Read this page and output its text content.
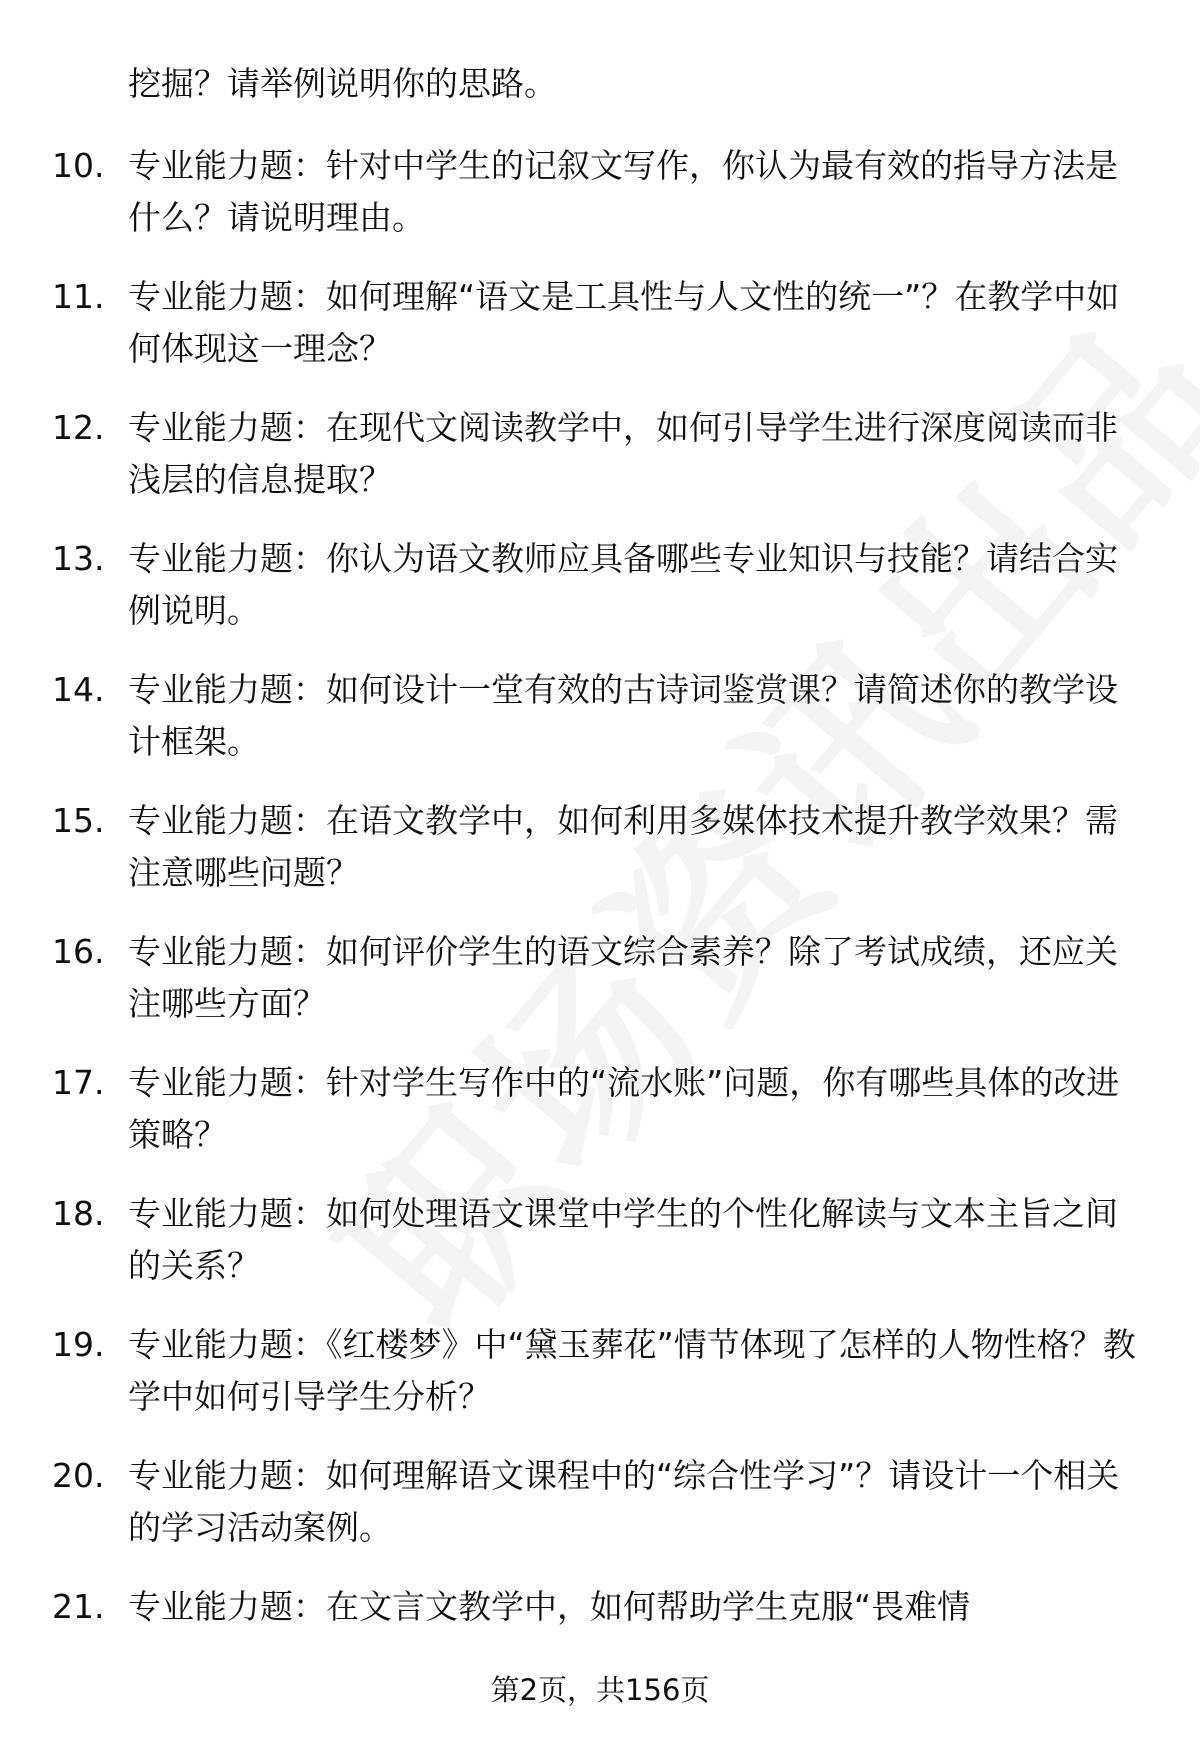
挖掘？请举例说明你的思路。

10. 专业能力题：针对中学生的记叙文写作，你认为最有效的指导方法是什么？请说明理由。

11. 专业能力题：如何理解“语文是工具性与人文性的统一”？在教学中如何体现这一理念？

12. 专业能力题：在现代文阅读教学中，如何引导学生进行深度阅读而非浅层的信息提取？

13. 专业能力题：你认为语文教师应具备哪些专业知识与技能？请结合实例说明。

14. 专业能力题：如何设计一堂有效的古诗词鉴赏课？请简述你的教学设计框架。

15. 专业能力题：在语文教学中，如何利用多媒体技术提升教学效果？需注意哪些问题？

16. 专业能力题：如何评价学生的语文综合素养？除了考试成绩，还应关注哪些方面？

17. 专业能力题：针对学生写作中的“流水账”问题，你有哪些具体的改进策略？

18. 专业能力题：如何处理语文课堂中学生的个性化解读与文本主旨之间的关系？

19. 专业能力题：《红楼梦》中“黛玉葬花”情节体现了怎样的人物性格？教学中如何引导学生分析？

20. 专业能力题：如何理解语文课程中的“综合性学习”？请设计一个相关的学习活动案例。

21. 专业能力题：在文言文教学中，如何帮助学生克服“畏难情

第2页，共156页
